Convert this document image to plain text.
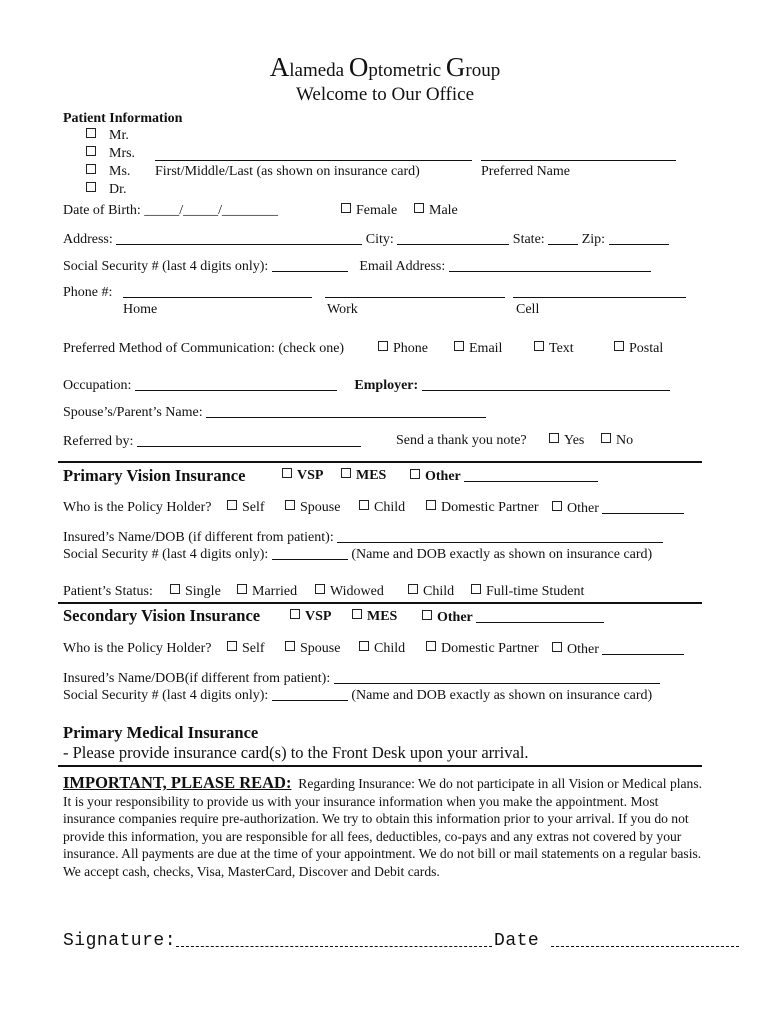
Alameda Optometric Group
Welcome to Our Office
Patient Information
Mr.
Mrs.
Ms.
Dr.
First/Middle/Last (as shown on insurance card)	Preferred Name
Date of Birth: _____/_____/________	Female	Male
Address:	City:	State:	Zip:
Social Security # (last 4 digits only):	Email Address:
Phone #:
Home	Work	Cell
Preferred Method of Communication: (check one)	Phone	Email	Text	Postal
Occupation:	Employer:
Spouse’s/Parent’s Name:
Referred by:	Send a thank you note?	Yes	No
Primary Vision Insurance	VSP	MES	Other
Who is the Policy Holder?	Self	Spouse	Child	Domestic Partner	Other
Insured’s Name/DOB (if different from patient):
Social Security # (last 4 digits only):	(Name and DOB exactly as shown on insurance card)
Patient’s Status:	Single	Married	Widowed	Child	Full-time Student
Secondary Vision Insurance	VSP	MES	Other
Who is the Policy Holder?	Self	Spouse	Child	Domestic Partner	Other
Insured’s Name/DOB(if different from patient):
Social Security # (last 4 digits only):	(Name and DOB exactly as shown on insurance card)
Primary Medical Insurance
- Please provide insurance card(s) to the Front Desk upon your arrival.
IMPORTANT, PLEASE READ: Regarding Insurance: We do not participate in all Vision or Medical plans. It is your responsibility to provide us with your insurance information when you make the appointment. Most insurance companies require pre-authorization. We try to obtain this information prior to your arrival. If you do not provide this information, you are responsible for all fees, deductibles, co-pays and any extras not covered by your insurance. All payments are due at the time of your appointment. We do not bill or mail statements on a regular basis. We accept cash, checks, Visa, MasterCard, Discover and Debit cards.
Signature:	Date
